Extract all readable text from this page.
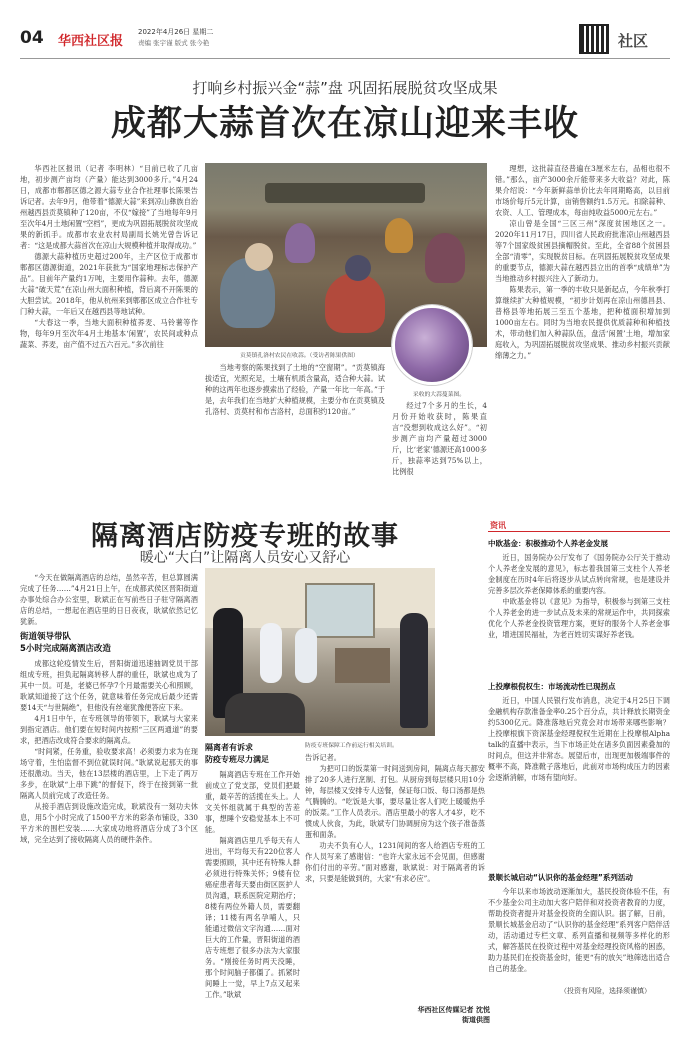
04 华西社区报
2022年4月26日 星期二
责编 张宇谨 版式 张今艳	社区
打响乡村振兴金“蒜”盘 巩固拓展脱贫攻坚成果
成都大蒜首次在凉山迎来丰收

华西社区报讯（记者 李明林）“目前已收了几亩地，初步测产亩均（产量）能达到3000多斤。”4月24日，成都市郫都区德之源大蒜专业合作社理事长陈果告诉记者。去年9月，他带着“德源大蒜”来到凉山彝族自治州越西县贡莫镇种了120亩，不仅“嫁接”了当地每年9月至次年4月土地闲置“空档”，更成为巩固拓展脱贫攻坚成果的新抓手。成都市农业农村局副局长姚光曾告诉记者：“这是成都大蒜首次在凉山大规模种植并取得成功。”

德源大蒜种植历史超过200年，主产区位于成都市郫都区德源街道，2021年获批为“国家地理标志保护产品”。目前年产量约1万吨，主要用作蒜种。去年，德源大蒜“破天荒”在凉山州大面积种植，背后离不开陈果的大胆尝试。2018年，他从杭州来到郫都区成立合作社专门种大蒜，一年后又在越西县等地试种。

“大春这一季，当地大面积种植荞麦、马铃薯等作物，每年9月至次年4月土地基本‘闲置’，农民间或种点蔬菜、荞麦，亩产值不过五六百元。”多次前往

贡莫镇孔洛村农民在收蒜。（受访者陈果供图）

当地考察的陈果找到了土地的“空窗期”。“贡莫镇海拔适宜，光照充足，土壤有机质含量高，适合种大蒜。试种的这两年也逐步摸索出了经验，产量一年比一年高。”于是，去年我们在当地扩大种植规模，主要分布在贡莫镇及孔洛村、贡莫村和布吉洛村，总面积约120亩。”

采收的大蒜蔓菜图。

经过7个多月的生长，4月份开始收获时，陈果直言“没想到收成这么好”。“初步测产亩均产量超过3000斤，比‘老家’德源还高1000多斤，独蒜率达到75%以上，比例很

理想，这批蒜直径普遍在3厘米左右，品相也很不错。”那么，亩产3000余斤能带来多大收益？对此，陈果介绍说：“今年新鲜蒜单价比去年同期略高，以目前市场价每斤5元计算，亩销售额约1.5万元。扣除蒜种、农资、人工、管理成本，每亩纯收益5000元左右。”

凉山曾是全国“三区三州”深度贫困地区之一。2020年11月17日，四川省人民政府批准凉山州越西县等7个国家级贫困县摘帽脱贫。至此，全省88个贫困县全部“清零”，实现脱贫目标。在巩固拓展脱贫攻坚成果的重要节点，德源大蒜在越西县立出的首季“成绩单”为当地推动乡村振兴注入了新动力。

陈果表示，第一季的丰收只是新起点，今年秋季打算继续扩大种植规模，“初步计划再在凉山州德昌县、普格县等地拓展三至五个基地，把种植面积增加到1000亩左右。同时为当地农民提供优质蒜种和种植技术，带动他们加入种蒜队伍，盘活‘闲置’土地，增加家庭收入，为巩固拓展脱贫攻坚成果、推动乡村振兴贡献绵薄之力。”

隔离酒店防疫专班的故事
暖心“大白”让隔离人员安心又舒心

“今天在做隔离酒店的总结，虽然辛苦，但总算圆满完成了任务……”4月21日上午，在成都武侯区晋阳街道办事处综合办公室里，耿斌正在写前些日子驻守隔离酒店的总结，一想起在酒店里的日日夜夜，耿斌依然记忆犹新。

街道领导带队
5小时完成隔离酒店改造

成都这轮疫情发生后，晋阳街道迅速抽调党员干部组成专班，担负起隔离转移人群的重任，耿斌也成为了其中一员。可是，老婆已怀孕7个月最需要关心和照顾，耿斌知道接了这个任务，就意味着任务完成后最少还需要14天“与世隔绝”，但他没有丝毫犹豫便答应下来。

4月1日中午，在专班领导的带领下，耿斌与大家来到指定酒店。他们要在短时间内按照“三区两通道”的要求，把酒店改成符合要求的隔离点。

“时间紧，任务重，验收要求高！必须要力求为在现场守着，生怕监督不到位就误时间。”耿斌说起那天的事还很激动。当天，他在13层楼的酒店里，上下走了两万多步，在耿斌“上串下跳”的督促下，终于在接到第一批隔离人员前完成了改造任务。

从接手酒店到设施改造完成，耿斌没有一刻功夫休息，用5个小时完成了1500平方米的彩条布铺设，330平方米的围栏安装……大家成功地将酒店分成了3个区域，完全达到了接收隔离人员的硬件条件。

隔离者有诉求
防疫专班尽力满足

隔离酒店专班在工作开始前成立了党支部，党员们把最重，最辛苦的活揽在头上。人文关怀组就属于典型的苦差事，想睡个安稳觉基本上不可能。

隔离酒店里几乎每天有人进出，平均每天有220位客人需要照顾，其中还有特殊人群必须进行特殊关怀；9楼有位癌症患者每天要由街区医护人员沟通，联系医院定期治疗；8楼有两位外籍人员，需要翻译；11楼有两名孕哺人，只能通过微信文字沟通……面对巨大的工作量，晋阳街道的酒店专班想了很多办法为大家服务。“刚接任务时两天没睡，那个时间脑子都僵了。抓紧时间睡上一觉，早上7点又起来工作。”耿斌

防疫专班保障工作前运行相关培训。

告诉记者。

为把可口的饭菜第一时间送到房间，隔离点每天都安排了20多人进行烹制、打包。从厨房到每层楼只用10分钟，每层楼又安排专人送餐，保证每口饭、每口汤都是热气腾腾的。“吃饭是大事，要尽量让客人们吃上暖暖热乎的饭菜。”工作人员表示。酒店里最小的客人才4岁，吃不惯成人伙食，为此，耿斌专门协调厨房为这个孩子准备蒸蛋和面条。

功夫不负有心人，1231间间的客人给酒店专班的工作人员写来了感谢信：“也许大家永远不会见面，但感谢你们付出的辛劳。”面对感谢，耿斌说：对于隔离者的诉求，只要是能做到的，大家“有求必应”。

华西社区传媒记者 沈悦
街道供图
资讯
中欧基金：积极推动个人养老金发展

近日，国务院办公厅发布了《国务院办公厅关于推动个人养老金发展的意见》，标志着我国第三支柱个人养老金制度在历时4年后将逐步从试点转向常规，也是建设并完善多层次养老保障体系的重要内容。

中欧基金将以《意见》为指导，积极参与到第三支柱个人养老金的进一步试点及未来的常规运作中，共同探索优化个人养老金投资管理方案，更好的服务个人养老金事业，增进国民福祉，为老百姓切实谋好养老钱。

上投摩根倪权生：市场流动性已现拐点

近日，中国人民银行发布消息，决定于4月25日下调金融机构存款准备金率0.25个百分点，共计释放长期资金约5300亿元。降准落地后究竟会对市场带来哪些影响？上投摩根旗下资深基金经理倪权生近期在上投摩根Alpha talk的直播中表示，当下市场正处在诸多负面因素叠加的时间点，但这并非常态。展望后市，出现更加极端事件的概率不高，降准靴子落地后，此前对市场构成压力的因素会逐渐消解，市场有望向好。

景顺长城启动“认识你的基金经理”系列活动

今年以来市场波动逐渐加大，基民投资体验不佳，有不少基金公司主动加大客户陪伴和对投资者教育的力度，帮助投资者提升对基金投资的全面认识。据了解，日前，景顺长城基金启动了“认识你的基金经理”系列客户陪伴活动，活动通过专栏文章、系列直播和视频等多样化的形式，解答基民在投资过程中对基金经理投资风格的困惑，助力基民们在投资基金时，能更“有的放矢”地筛选出适合自己的基金。

（投资有风险，选择须谨慎）
